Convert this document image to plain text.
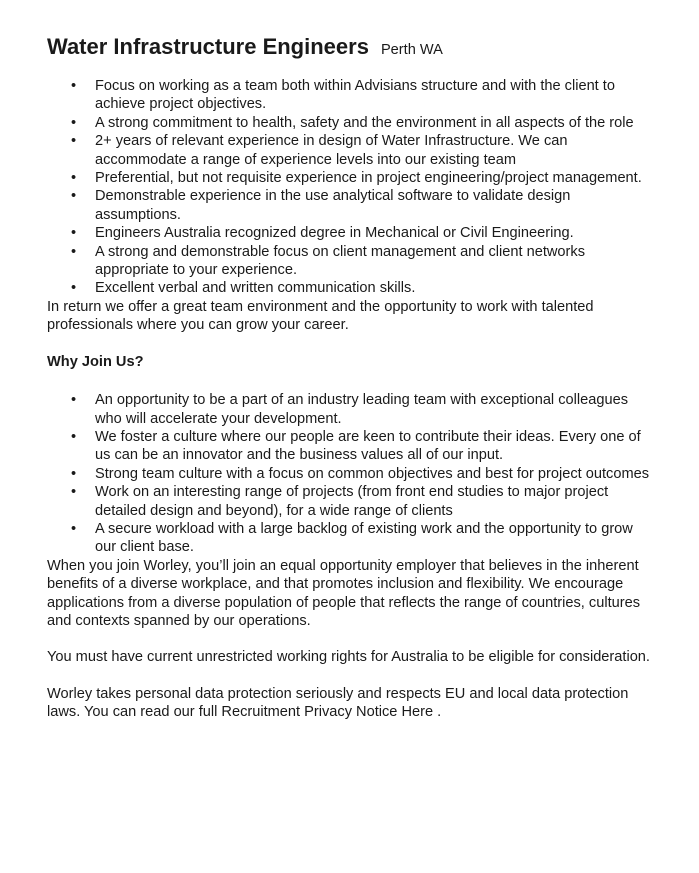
Water Infrastructure Engineers Perth WA
•	Focus on working as a team both within Advisians structure and with the client to achieve project objectives.
•	A strong commitment to health, safety and the environment in all aspects of the role
•	2+ years of relevant experience in design of Water Infrastructure. We can accommodate a range of experience levels into our existing team
•	Preferential, but not requisite experience in project engineering/project management.
•	Demonstrable experience in the use analytical software to validate design assumptions.
•	Engineers Australia recognized degree in Mechanical or Civil Engineering.
•	A strong and demonstrable focus on client management and client networks appropriate to your experience.
•	Excellent verbal and written communication skills.

In return we offer a great team environment and the opportunity to work with talented professionals where you can grow your career.

Why Join Us?

•	An opportunity to be a part of an industry leading team with exceptional colleagues who will accelerate your development.
•	We foster a culture where our people are keen to contribute their ideas. Every one of us can be an innovator and the business values all of our input.
•	Strong team culture with a focus on common objectives and best for project outcomes
•	Work on an interesting range of projects (from front end studies to major project detailed design and beyond), for a wide range of clients
•	A secure workload with a large backlog of existing work and the opportunity to grow our client base.

When you join Worley, you’ll join an equal opportunity employer that believes in the inherent benefits of a diverse workplace, and that promotes inclusion and flexibility. We encourage applications from a diverse population of people that reflects the range of countries, cultures and contexts spanned by our operations.

You must have current unrestricted working rights for Australia to be eligible for consideration.

Worley takes personal data protection seriously and respects EU and local data protection laws. You can read our full Recruitment Privacy Notice Here .
